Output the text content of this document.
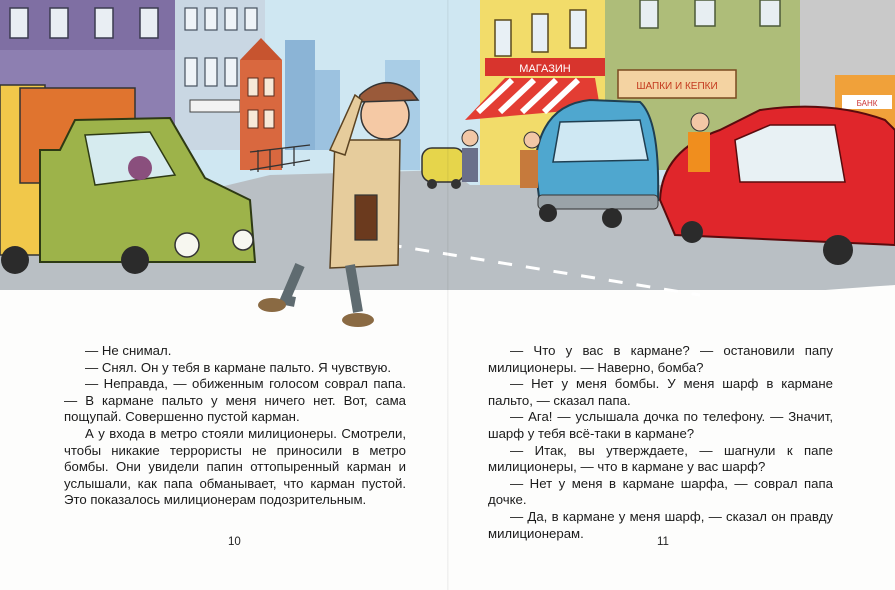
МАГАЗИН
ШАПКИ И КЕПКИ
БАНК

— Не снимал.

— Снял. Он у тебя в кармане пальто. Я чувствую.

— Неправда, — обиженным голосом соврал папа. — В кармане пальто у меня ничего нет. Вот, сама пощупай. Совершенно пустой карман.

А у входа в метро стояли милиционеры. Смотрели, чтобы никакие террористы не приносили в метро бомбы. Они увидели папин оттопыренный карман и услышали, как папа обманывает, что карман пустой. Это показалось милиционерам подозрительным.

— Что у вас в кармане? — остановили папу милиционеры. — Наверно, бомба?

— Нет у меня бомбы. У меня шарф в кармане пальто, — сказал папа.

— Ага! — услышала дочка по телефону. — Значит, шарф у тебя всё-таки в кармане?

— Итак, вы утверждаете, — шагнули к папе милиционеры, — что в кармане у вас шарф?

— Нет у меня в кармане шарфа, — соврал папа дочке.

— Да, в кармане у меня шарф, — сказал он правду милиционерам.

10	11
